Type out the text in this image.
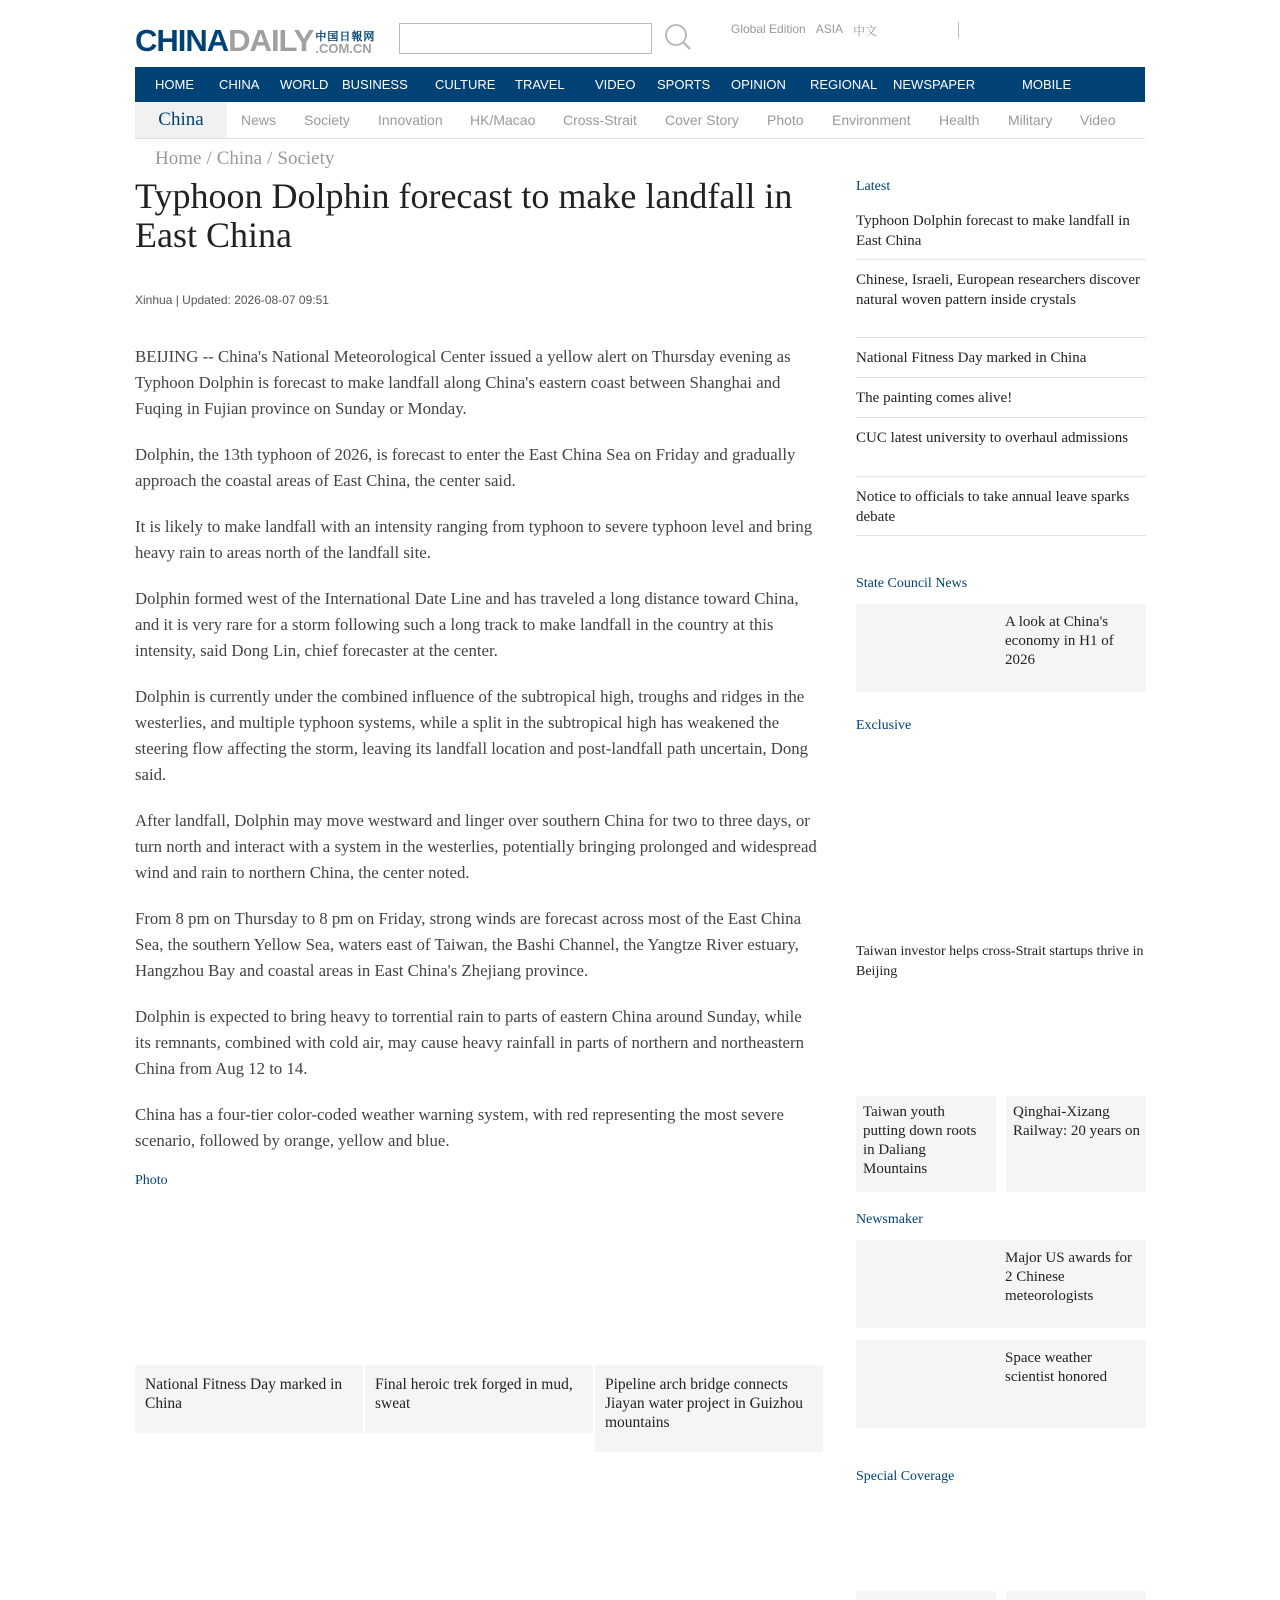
CHINA DAILY 中国日報网
.COM.CN
Global Edition ASIA 中文
HOME CHINA WORLD BUSINESS CULTURE TRAVEL VIDEO SPORTS OPINION REGIONAL NEWSPAPER	MOBILE
China	News Society Innovation HK/Macao Cross-Strait Cover Story Photo Environment Health Military Video
Home / China / Society
Typhoon Dolphin forecast to make landfall in East China
Xinhua | Updated: 2026-08-07 09:51

BEIJING -- China's National Meteorological Center issued a yellow alert on Thursday evening as Typhoon Dolphin is forecast to make landfall along China's eastern coast between Shanghai and Fuqing in Fujian province on Sunday or Monday.

Dolphin, the 13th typhoon of 2026, is forecast to enter the East China Sea on Friday and gradually approach the coastal areas of East China, the center said.

It is likely to make landfall with an intensity ranging from typhoon to severe typhoon level and bring heavy rain to areas north of the landfall site.

Dolphin formed west of the International Date Line and has traveled a long distance toward China, and it is very rare for a storm following such a long track to make landfall in the country at this intensity, said Dong Lin, chief forecaster at the center.

Dolphin is currently under the combined influence of the subtropical high, troughs and ridges in the westerlies, and multiple typhoon systems, while a split in the subtropical high has weakened the steering flow affecting the storm, leaving its landfall location and post-landfall path uncertain, Dong said.

After landfall, Dolphin may move westward and linger over southern China for two to three days, or turn north and interact with a system in the westerlies, potentially bringing prolonged and widespread wind and rain to northern China, the center noted.

From 8 pm on Thursday to 8 pm on Friday, strong winds are forecast across most of the East China Sea, the southern Yellow Sea, waters east of Taiwan, the Bashi Channel, the Yangtze River estuary, Hangzhou Bay and coastal areas in East China's Zhejiang province.

Dolphin is expected to bring heavy to torrential rain to parts of eastern China around Sunday, while its remnants, combined with cold air, may cause heavy rainfall in parts of northern and northeastern China from Aug 12 to 14.

China has a four-tier color-coded weather warning system, with red representing the most severe scenario, followed by orange, yellow and blue.

Photo
National Fitness Day marked in China
Final heroic trek forged in mud, sweat
Pipeline arch bridge connects Jiayan water project in Guizhou mountains
Latest
Typhoon Dolphin forecast to make landfall in East China
Chinese, Israeli, European researchers discover natural woven pattern inside crystals
National Fitness Day marked in China
The painting comes alive!
CUC latest university to overhaul admissions
Notice to officials to take annual leave sparks debate
State Council News
A look at China's economy in H1 of 2026
Exclusive
Taiwan investor helps cross-Strait startups thrive in Beijing
Taiwan youth putting down roots in Daliang Mountains
Qinghai-Xizang Railway: 20 years on
Newsmaker
Major US awards for 2 Chinese meteorologists
Space weather scientist honored
Special Coverage
